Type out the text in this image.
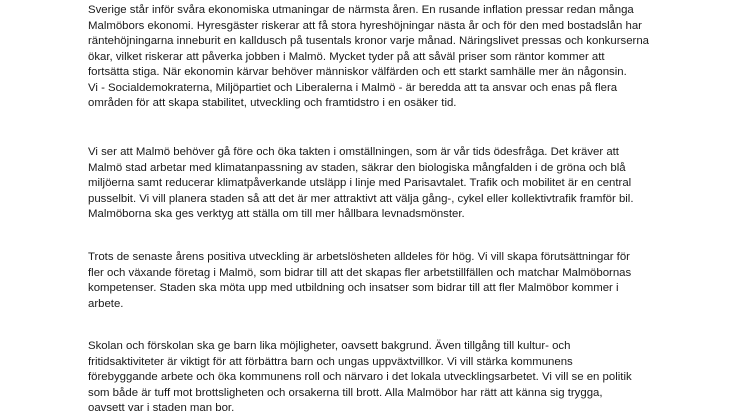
Sverige står inför svåra ekonomiska utmaningar de närmsta åren. En rusande inflation pressar redan många
Malmöbors ekonomi. Hyresgäster riskerar att få stora hyreshöjningar nästa år och för den med bostadslån har
räntehöjningarna inneburit en kalldusch på tusentals kronor varje månad. Näringslivet pressas och konkurserna
ökar, vilket riskerar att påverka jobben i Malmö. Mycket tyder på att såväl priser som räntor kommer att
fortsätta stiga. När ekonomin kärvar behöver människor välfärden och ett starkt samhälle mer än någonsin.
Vi - Socialdemokraterna, Miljöpartiet och Liberalerna i Malmö - är beredda att ta ansvar och enas på flera
områden för att skapa stabilitet, utveckling och framtidstro i en osäker tid.
Vi ser att Malmö behöver gå före och öka takten i omställningen, som är vår tids ödesfråga. Det kräver att
Malmö stad arbetar med klimatanpassning av staden, säkrar den biologiska mångfalden i de gröna och blå
miljöerna samt reducerar klimatpåverkande utsläpp i linje med Parisavtalet. Trafik och mobilitet är en central
pusselbit. Vi vill planera staden så att det är mer attraktivt att välja gång-, cykel eller kollektivtrafik framför bil.
Malmöborna ska ges verktyg att ställa om till mer hållbara levnadsmönster.
Trots de senaste årens positiva utveckling är arbetslösheten alldeles för hög. Vi vill skapa förutsättningar för
fler och växande företag i Malmö, som bidrar till att det skapas fler arbetstillfällen och matchar Malmöbornas
kompetenser. Staden ska möta upp med utbildning och insatser som bidrar till att fler Malmöbor kommer i
arbete.
Skolan och förskolan ska ge barn lika möjligheter, oavsett bakgrund. Även tillgång till kultur- och
fritidsaktiviteter är viktigt för att förbättra barn och ungas uppväxtvillkor. Vi vill stärka kommunens
förebyggande arbete och öka kommunens roll och närvaro i det lokala utvecklingsarbetet. Vi vill se en politik
som både är tuff mot brottsligheten och orsakerna till brott. Alla Malmöbor har rätt att känna sig trygga,
oavsett var i staden man bor.
